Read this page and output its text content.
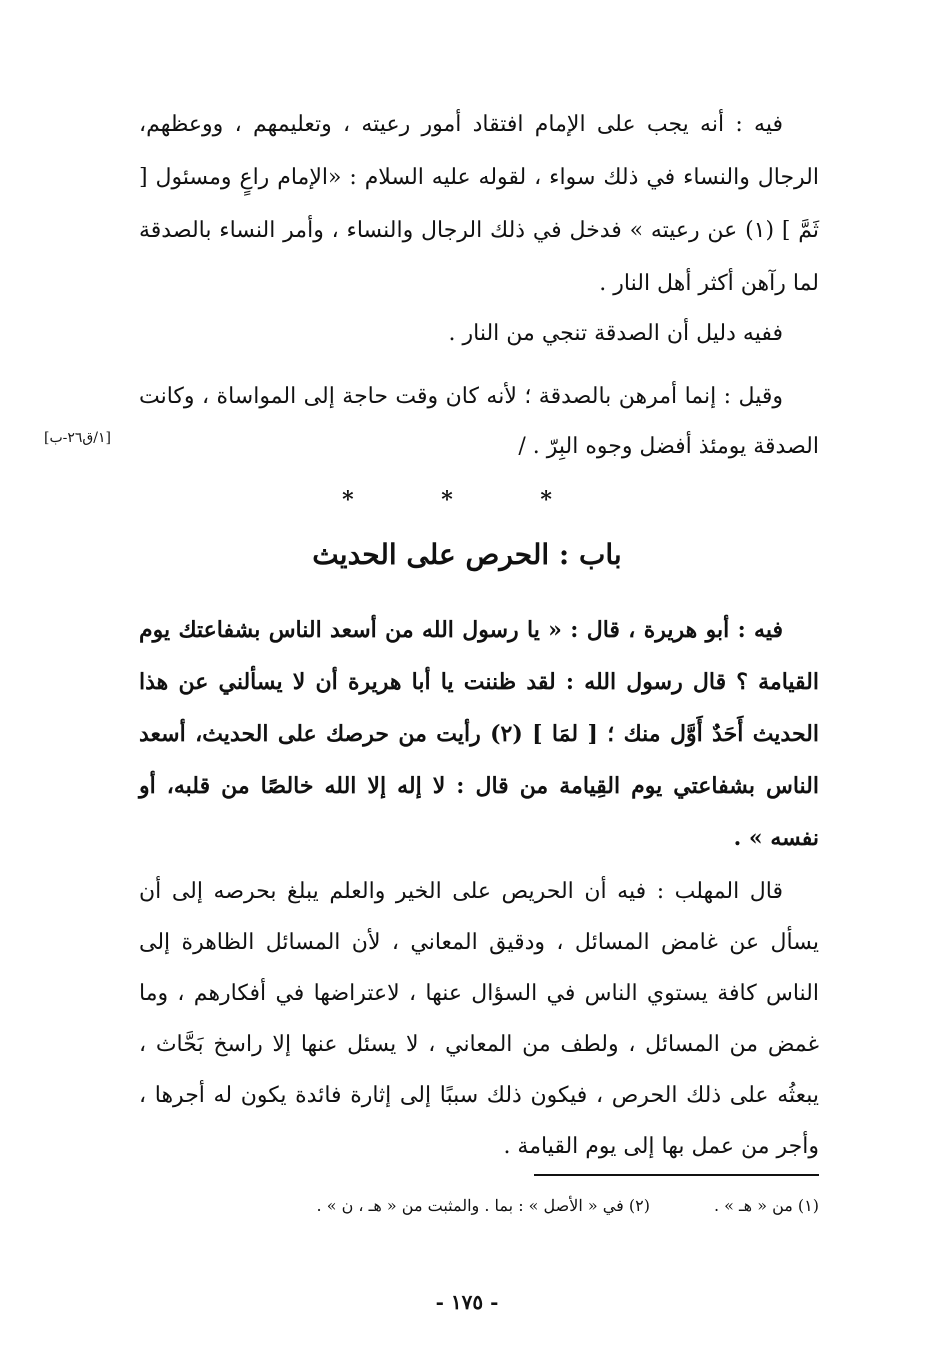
فيه : أنه يجب على الإمام افتقاد أمور رعيته ، وتعليمهم ، ووعظهم، الرجال والنساء في ذلك سواء ، لقوله عليه السلام : «الإمام راعٍ ومسئول [ ثَمَّ ] (١) عن رعيته » فدخل في ذلك الرجال والنساء ، وأمر النساء بالصدقة لما رآهن أكثر أهل النار .

ففيه دليل أن الصدقة تنجي من النار .

وقيل : إنما أمرهن بالصدقة ؛ لأنه كان وقت حاجة إلى المواساة ، وكانت الصدقة يومئذ أفضل وجوه البِرّ . /

[١/ق٢٦-ب]
* * *
باب : الحرص على الحديث

فيه : أبو هريرة ، قال : « يا رسول الله من أسعد الناس بشفاعتك يوم القيامة ؟ قال رسول الله : لقد ظننت يا أبا هريرة أن لا يسألني عن هذا الحديث أَحَدٌ أَوَّل منك ؛ [ لمَا ] (٢) رأيت من حرصك على الحديث، أسعد الناس بشفاعتي يوم القِيامة من قال : لا إله إلا الله خالصًا من قلبه، أو نفسه » .

قال المهلب : فيه أن الحريص على الخير والعلم يبلغ بحرصه إلى أن يسأل عن غامض المسائل ، ودقيق المعاني ، لأن المسائل الظاهرة إلى الناس كافة يستوي الناس في السؤال عنها ، لاعتراضها في أفكارهم ، وما غمض من المسائل ، ولطف من المعاني ، لا يسئل عنها إلا راسخ بَحَّاث ، يبعثُه على ذلك الحرص ، فيكون ذلك سببًا إلى إثارة فائدة يكون له أجرها ، وأجر من عمل بها إلى يوم القيامة .

(١) من « هـ » .
(٢) في « الأصل » : بما . والمثبت من « هـ ، ن » .
- ١٧٥ -
